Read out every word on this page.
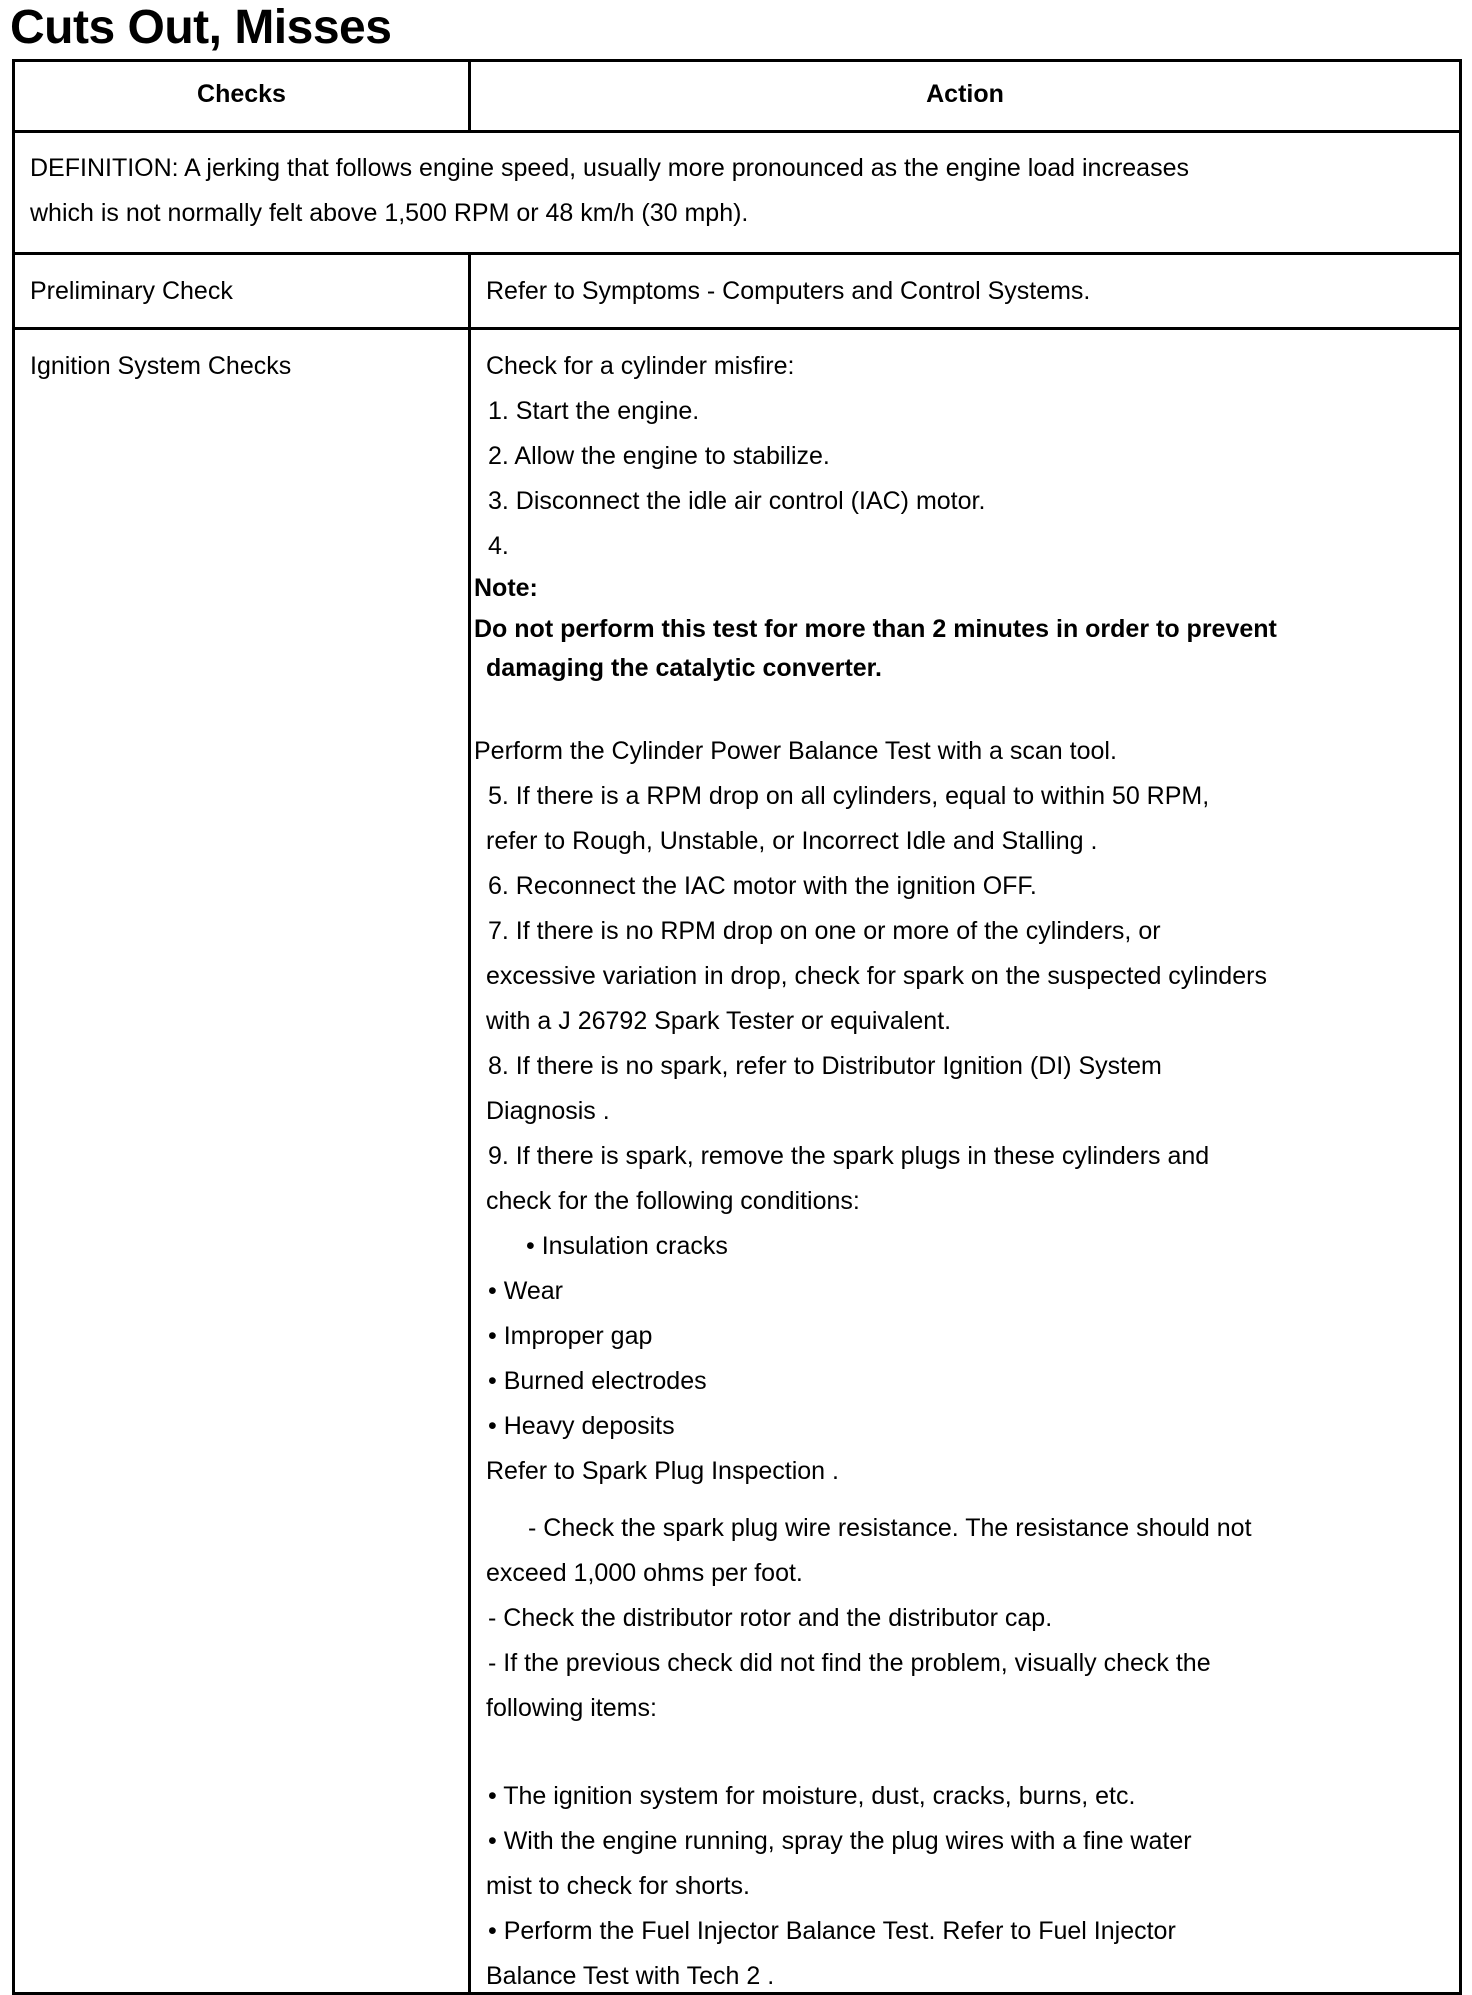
Cuts Out, Misses
Checks	Action
DEFINITION: A jerking that follows engine speed, usually more pronounced as the engine load increases
which is not normally felt above 1,500 RPM or 48 km/h (30 mph).
Preliminary Check	Refer to Symptoms - Computers and Control Systems.
Ignition System Checks	Check for a cylinder misfire:
1. Start the engine.
2. Allow the engine to stabilize.
3. Disconnect the idle air control (IAC) motor.
4.
Note:
Do not perform this test for more than 2 minutes in order to prevent
damaging the catalytic converter.
Perform the Cylinder Power Balance Test with a scan tool.
5. If there is a RPM drop on all cylinders, equal to within 50 RPM,
refer to Rough, Unstable, or Incorrect Idle and Stalling .
6. Reconnect the IAC motor with the ignition OFF.
7. If there is no RPM drop on one or more of the cylinders, or
excessive variation in drop, check for spark on the suspected cylinders
with a J 26792 Spark Tester or equivalent.
8. If there is no spark, refer to Distributor Ignition (DI) System
Diagnosis .
9. If there is spark, remove the spark plugs in these cylinders and
check for the following conditions:
• Insulation cracks
• Wear
• Improper gap
• Burned electrodes
• Heavy deposits
Refer to Spark Plug Inspection .
- Check the spark plug wire resistance. The resistance should not
exceed 1,000 ohms per foot.
- Check the distributor rotor and the distributor cap.
- If the previous check did not find the problem, visually check the
following items:
• The ignition system for moisture, dust, cracks, burns, etc.
• With the engine running, spray the plug wires with a fine water
mist to check for shorts.
• Perform the Fuel Injector Balance Test. Refer to Fuel Injector
Balance Test with Tech 2 .
